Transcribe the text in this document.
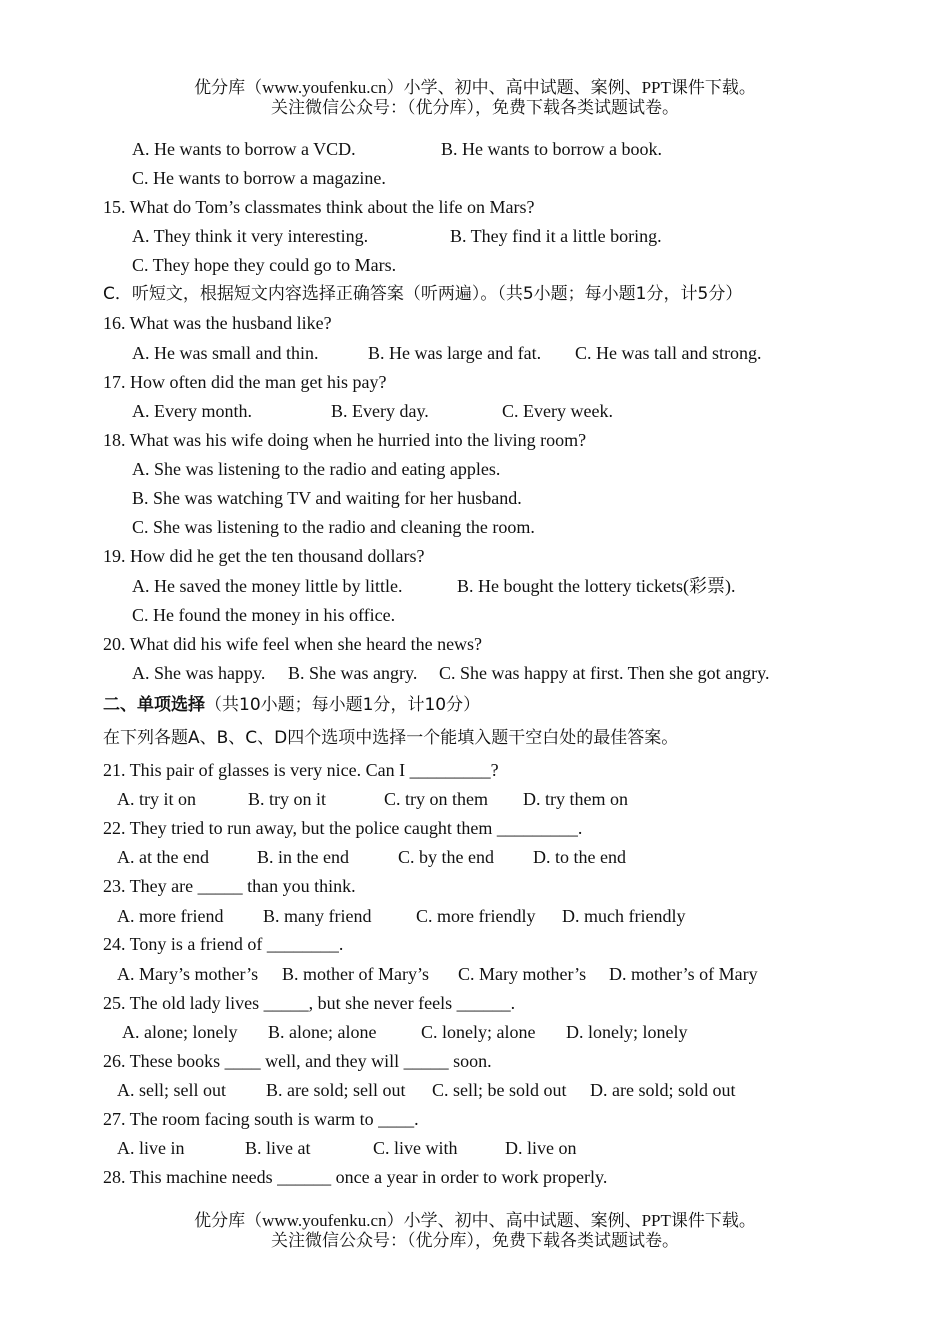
优分库（www.youfenku.cn）小学、初中、高中试题、案例、PPT课件下载。
关注微信公众号：（优分库），免费下载各类试题试卷。
A. He wants to borrow a VCD.	B. He wants to borrow a book.
C. He wants to borrow a magazine.
15. What do Tom’s classmates think about the life on Mars?
A. They think it very interesting.	B. They find it a little boring.
C. They hope they could go to Mars.
C．听短文，根据短文内容选择正确答案（听两遍）。（共5小题；每小题1分，计5分）
16. What was the husband like?
A. He was small and thin.	B. He was large and fat. C. He was tall and strong.
17. How often did the man get his pay?
A. Every month.	B. Every day.	C. Every week.
18. What was his wife doing when he hurried into the living room?
A. She was listening to the radio and eating apples.
B. She was watching TV and waiting for her husband.
C. She was listening to the radio and cleaning the room.
19. How did he get the ten thousand dollars?
A. He saved the money little by little.	B. He bought the lottery tickets(彩票).
C. He found the money in his office.
20. What did his wife feel when she heard the news?
A. She was happy. B. She was angry. C. She was happy at first. Then she got angry.
二、单项选择（共10小题；每小题1分，计10分）
在下列各题A、B、C、D四个选项中选择一个能填入题干空白处的最佳答案。
21. This pair of glasses is very nice. Can I _________?
A. try it on	B. try on it	C. try on them D. try them on
22. They tried to run away, but the police caught them _________.
A. at the end	B. in the end	C. by the end D. to the end
23. They are _____ than you think.
A. more friend B. many friend C. more friendly D. much friendly
24. Tony is a friend of ________.
A. Mary’s mother’s B. mother of Mary’s C. Mary mother’s D. mother’s of Mary
25. The old lady lives _____, but she never feels ______.
A. alone; lonely B. alone; alone C. lonely; alone D. lonely; lonely
26. These books ____ well, and they will _____ soon.
A. sell; sell out B. are sold; sell out C. sell; be sold out D. are sold; sold out
27. The room facing south is warm to ____.
A. live in	B. live at	C. live with	D. live on
28. This machine needs ______ once a year in order to work properly.
优分库（www.youfenku.cn）小学、初中、高中试题、案例、PPT课件下载。
关注微信公众号：（优分库），免费下载各类试题试卷。
